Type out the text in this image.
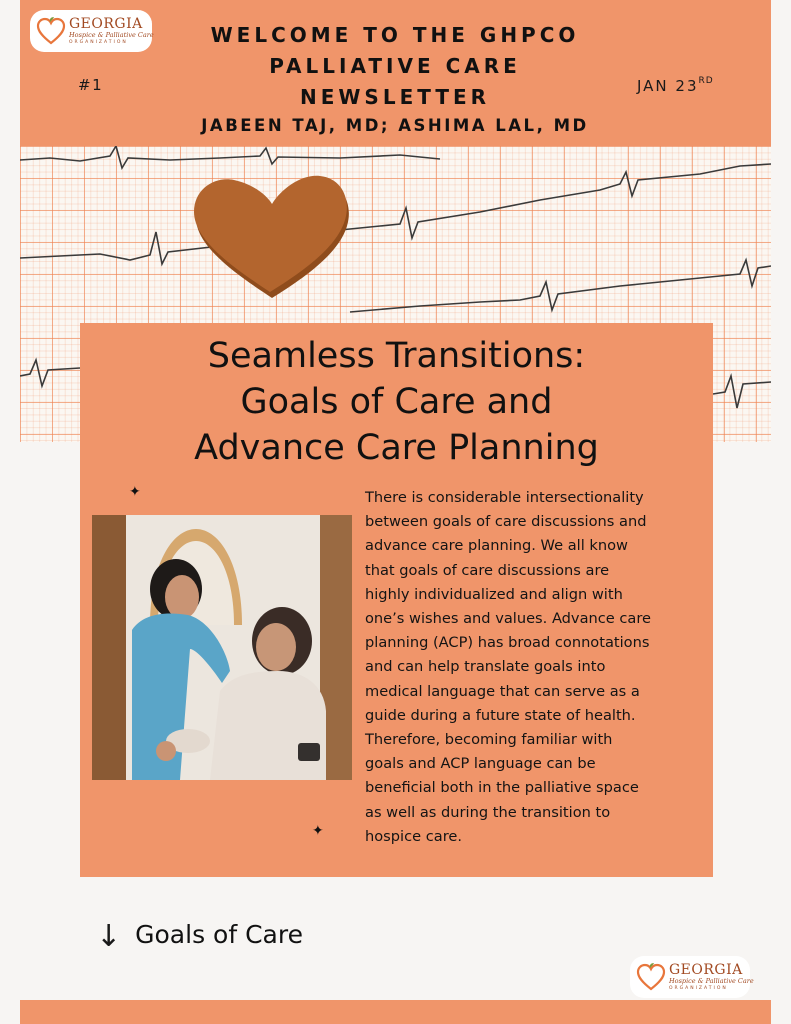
GEORGIA
Hospice & Palliative Care
ORGANIZATION	WELCOME TO THE GHPCO
PALLIATIVE CARE
NEWSLETTER
#1	JAN 23RD
JABEEN TAJ, MD; ASHIMA LAL, MD
Seamless Transitions:
Goals of Care and
Advance Care Planning
✦
✦
There is considerable intersectionality
between goals of care discussions and
advance care planning. We all know
that goals of care discussions are
highly individualized and align with
one’s wishes and values. Advance care
planning (ACP) has broad connotations
and can help translate goals into
medical language that can serve as a
guide during a future state of health.
Therefore, becoming familiar with
goals and ACP language can be
beneficial both in the palliative space
as well as during the transition to
hospice care.
↓ Goals of Care
GEORGIA
Hospice & Palliative Care
ORGANIZATION
